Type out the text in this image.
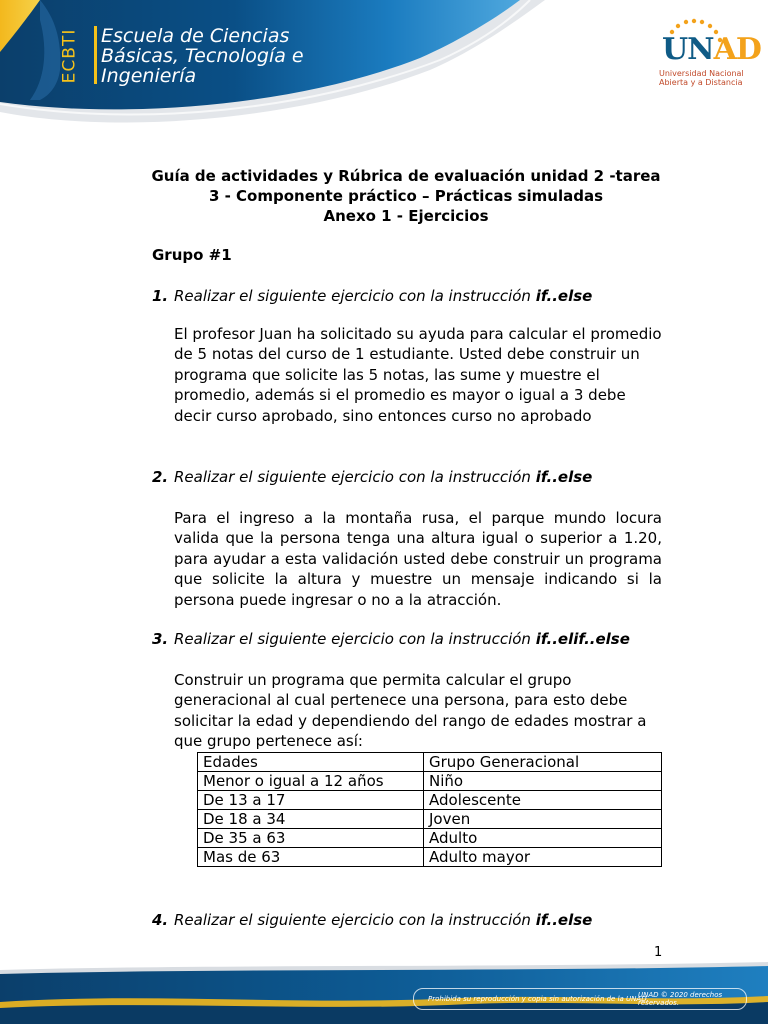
ECBTI Escuela de Ciencias
Básicas, Tecnología e
Ingeniería
UNAD
Universidad Nacional
Abierta y a Distancia
Guía de actividades y Rúbrica de evaluación unidad 2 -tarea
3 - Componente práctico – Prácticas simuladas
Anexo 1 - Ejercicios
Grupo #1
1. Realizar el siguiente ejercicio con la instrucción if..else
El profesor Juan ha solicitado su ayuda para calcular el promedio de 5 notas del curso de 1 estudiante. Usted debe construir un programa que solicite las 5 notas, las sume y muestre el promedio, además si el promedio es mayor o igual a 3 debe decir curso aprobado, sino entonces curso no aprobado
2. Realizar el siguiente ejercicio con la instrucción if..else
Para el ingreso a la montaña rusa, el parque mundo locura valida que la persona tenga una altura igual o superior a 1.20, para ayudar a esta validación usted debe construir un programa que solicite la altura y muestre un mensaje indicando si la persona puede ingresar o no a la atracción.
3. Realizar el siguiente ejercicio con la instrucción if..elif..else
Construir un programa que permita calcular el grupo generacional al cual pertenece una persona, para esto debe solicitar la edad y dependiendo del rango de edades mostrar a que grupo pertenece así:
Edades	Grupo Generacional
Menor o igual a 12 años	Niño
De 13 a 17	Adolescente
De 18 a 34	Joven
De 35 a 63	Adulto
Mas de 63	Adulto mayor
4. Realizar el siguiente ejercicio con la instrucción if..else
1
Prohibida su reproducción y copia sin autorización de la UNAD.
UNAD © 2020 derechos reservados.
